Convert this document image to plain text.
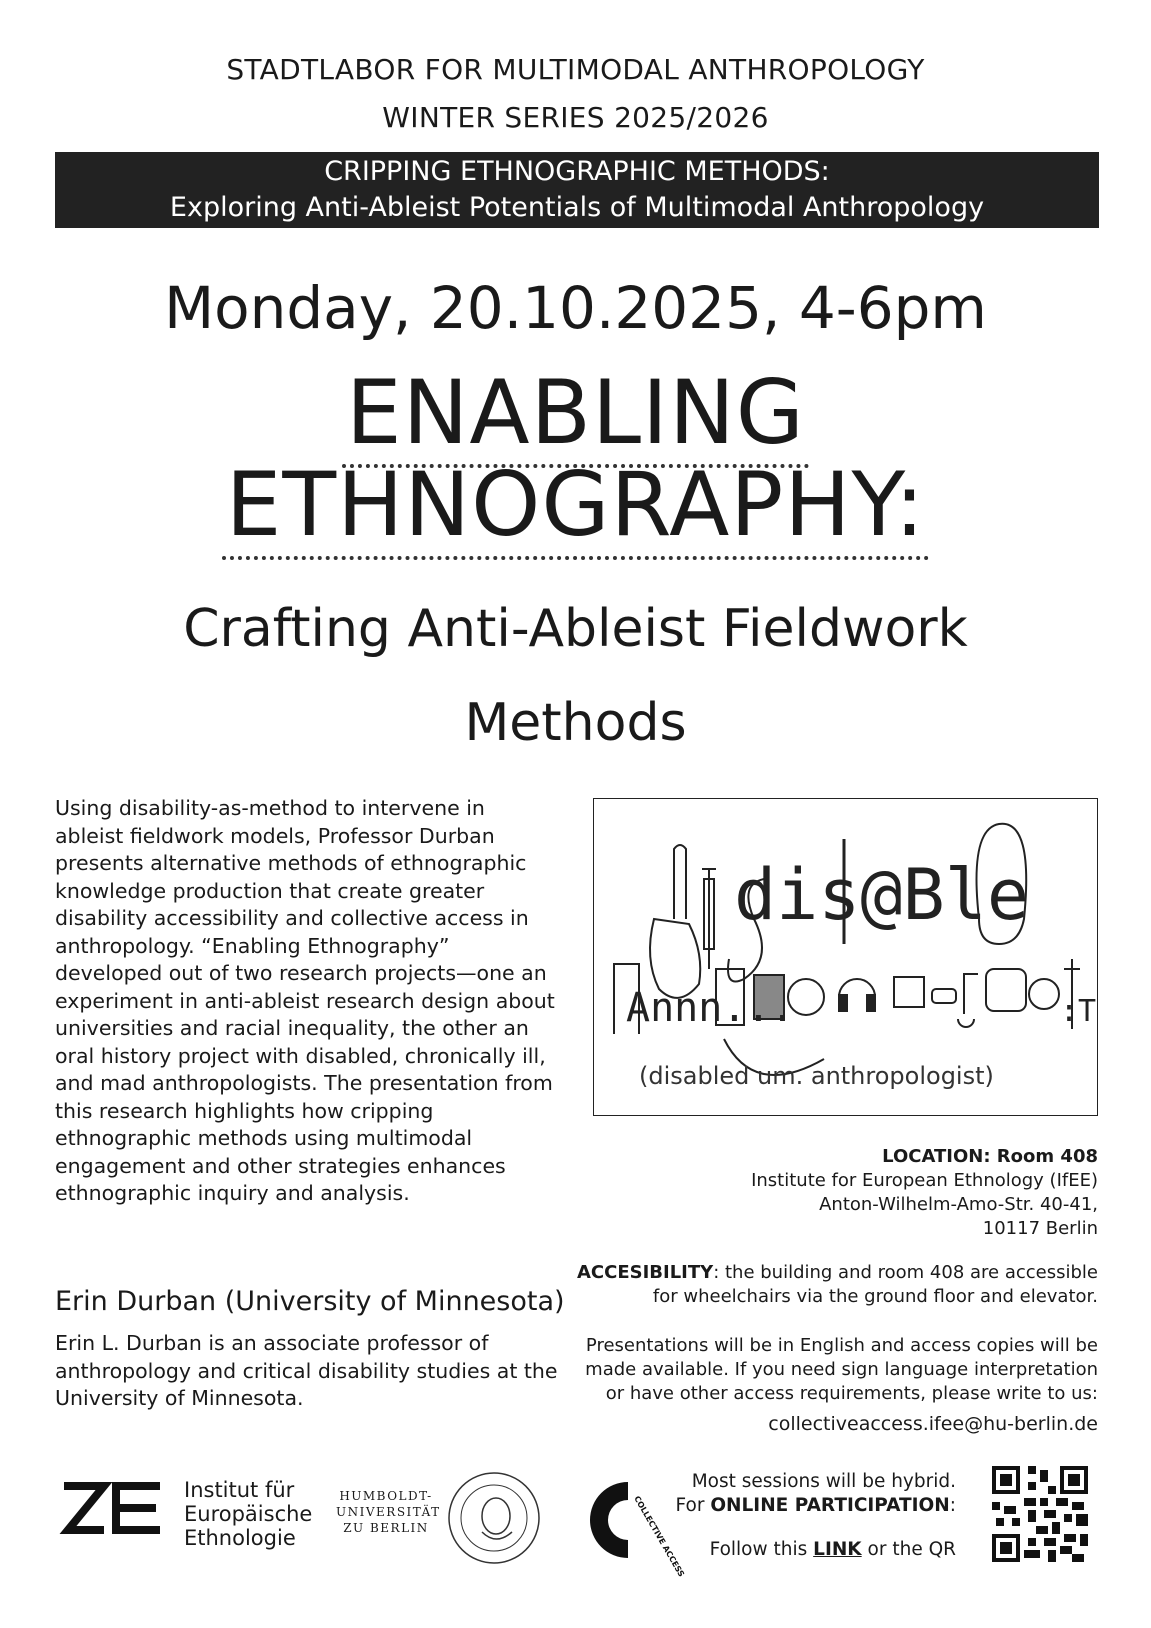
STADTLABOR FOR MULTIMODAL ANTHROPOLOGY
WINTER SERIES 2025/2026
CRIPPING ETHNOGRAPHIC METHODS:
Exploring Anti-Ableist Potentials of Multimodal Anthropology
Monday, 20.10.2025, 4-6pm
ENABLING
ETHNOGRAPHY:
Crafting Anti-Ableist Fieldwork
Methods
Using disability-as-method to intervene in ableist fieldwork models, Professor Durban presents alternative methods of ethnographic knowledge production that create greater disability accessibility and collective access in anthropology. “Enabling Ethnography” developed out of two research projects—one an experiment in anti-ableist research design about universities and racial inequality, the other an oral history project with disabled, chronically ill, and mad anthropologists. The presentation from this research highlights how cripping ethnographic methods using multimodal engagement and other strategies enhances ethnographic inquiry and analysis.
dis@Ble
Annn...	:T
(disabled um. anthropologist)
LOCATION: Room 408
Institute for European Ethnology (IfEE)
Anton-Wilhelm-Amo-Str. 40-41,
10117 Berlin
ACCESIBILITY: the building and room 408 are accessible
for wheelchairs via the ground floor and elevator.
Presentations will be in English and access copies will be
made available. If you need sign language interpretation
or have other access requirements, please write to us:
collectiveaccess.ifee@hu-berlin.de
Erin Durban (University of Minnesota)
Erin L. Durban is an associate professor of anthropology and critical disability studies at the University of Minnesota.
Institut für
Europäische
Ethnologie
HUMBOLDT-
UNIVERSITÄT
ZU BERLIN	COLLECTIVE ACCESS
Most sessions will be hybrid.
For ONLINE PARTICIPATION:
Follow this LINK or the QR
